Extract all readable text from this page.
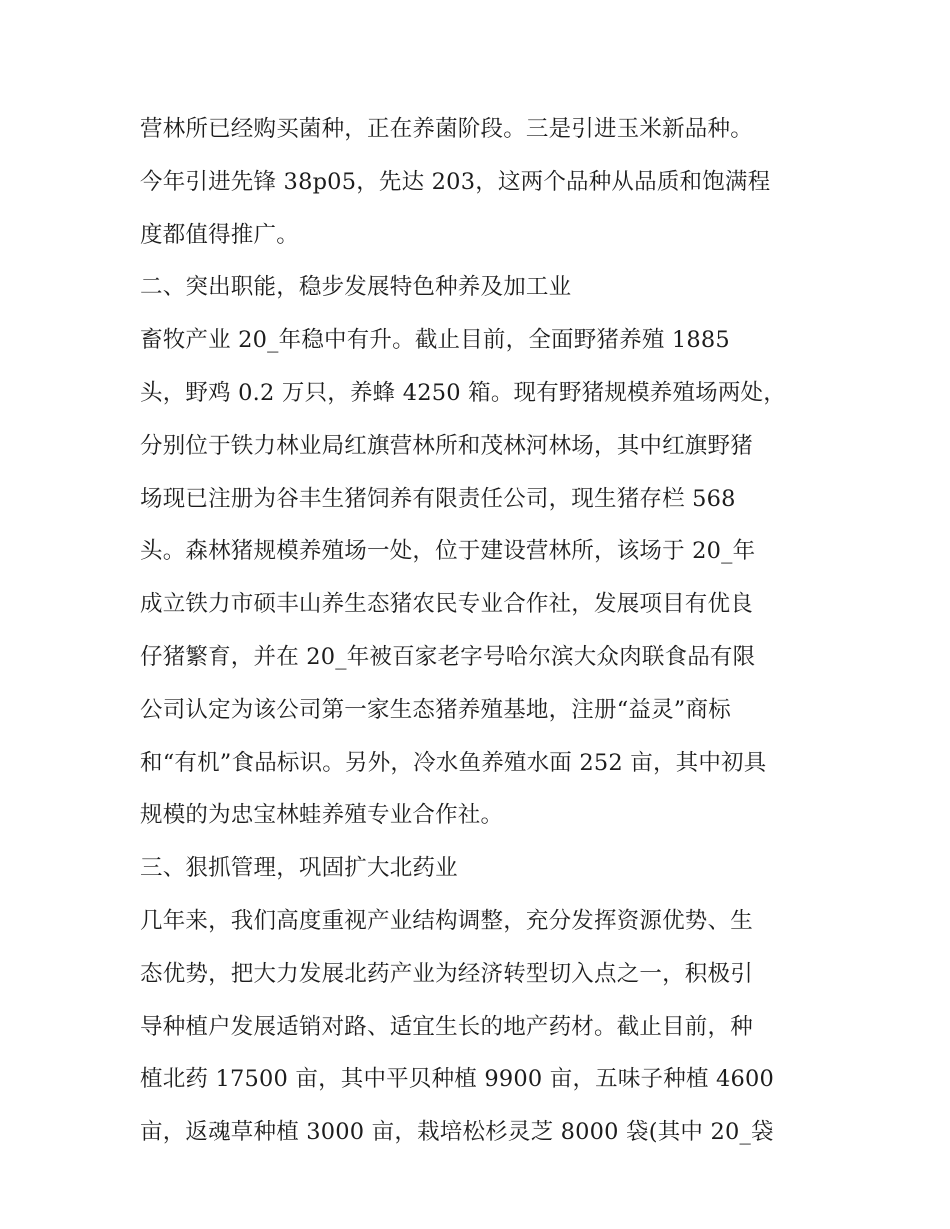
营林所已经购买菌种，正在养菌阶段。三是引进玉米新品种。
今年引进先锋 38p05，先达 203，这两个品种从品质和饱满程
度都值得推广。
二、突出职能，稳步发展特色种养及加工业
畜牧产业 20_年稳中有升。截止目前，全面野猪养殖 1885
头，野鸡 0.2 万只，养蜂 4250 箱。现有野猪规模养殖场两处，
分别位于铁力林业局红旗营林所和茂林河林场，其中红旗野猪
场现已注册为谷丰生猪饲养有限责任公司，现生猪存栏 568
头。森林猪规模养殖场一处，位于建设营林所，该场于 20_年
成立铁力市硕丰山养生态猪农民专业合作社，发展项目有优良
仔猪繁育，并在 20_年被百家老字号哈尔滨大众肉联食品有限
公司认定为该公司第一家生态猪养殖基地，注册“益灵”商标
和“有机”食品标识。另外，冷水鱼养殖水面 252 亩，其中初具
规模的为忠宝林蛙养殖专业合作社。
三、狠抓管理，巩固扩大北药业
几年来，我们高度重视产业结构调整，充分发挥资源优势、生
态优势，把大力发展北药产业为经济转型切入点之一，积极引
导种植户发展适销对路、适宜生长的地产药材。截止目前，种
植北药 17500 亩，其中平贝种植 9900 亩，五味子种植 4600
亩，返魂草种植 3000 亩，栽培松杉灵芝 8000 袋(其中 20_袋
